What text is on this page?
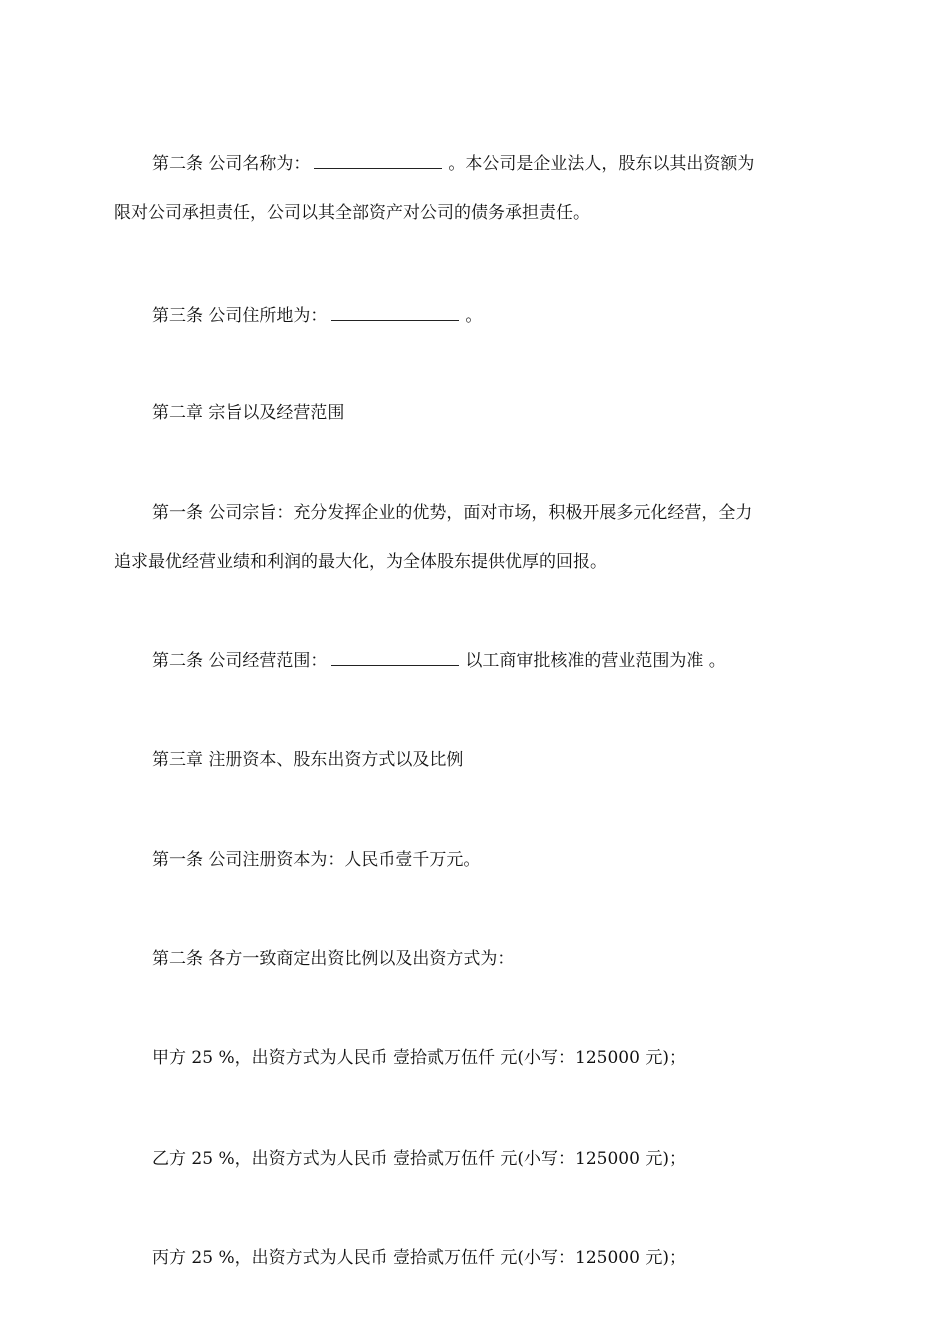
第二条 公司名称为：	。本公司是企业法人，股东以其出资额为
限对公司承担责任，公司以其全部资产对公司的债务承担责任。
第三条 公司住所地为：	。
第二章 宗旨以及经营范围
第一条 公司宗旨：充分发挥企业的优势，面对市场，积极开展多元化经营，全力
追求最优经营业绩和利润的最大化，为全体股东提供优厚的回报。
第二条 公司经营范围：	以工商审批核准的营业范围为准 。
第三章 注册资本、股东出资方式以及比例
第一条 公司注册资本为：人民币壹千万元。
第二条 各方一致商定出资比例以及出资方式为：
甲方 25 %，出资方式为人民币 壹拾贰万伍仟 元(小写：125000 元)；
乙方 25 %，出资方式为人民币 壹拾贰万伍仟 元(小写：125000 元)；
丙方 25 %，出资方式为人民币 壹拾贰万伍仟 元(小写：125000 元)；
